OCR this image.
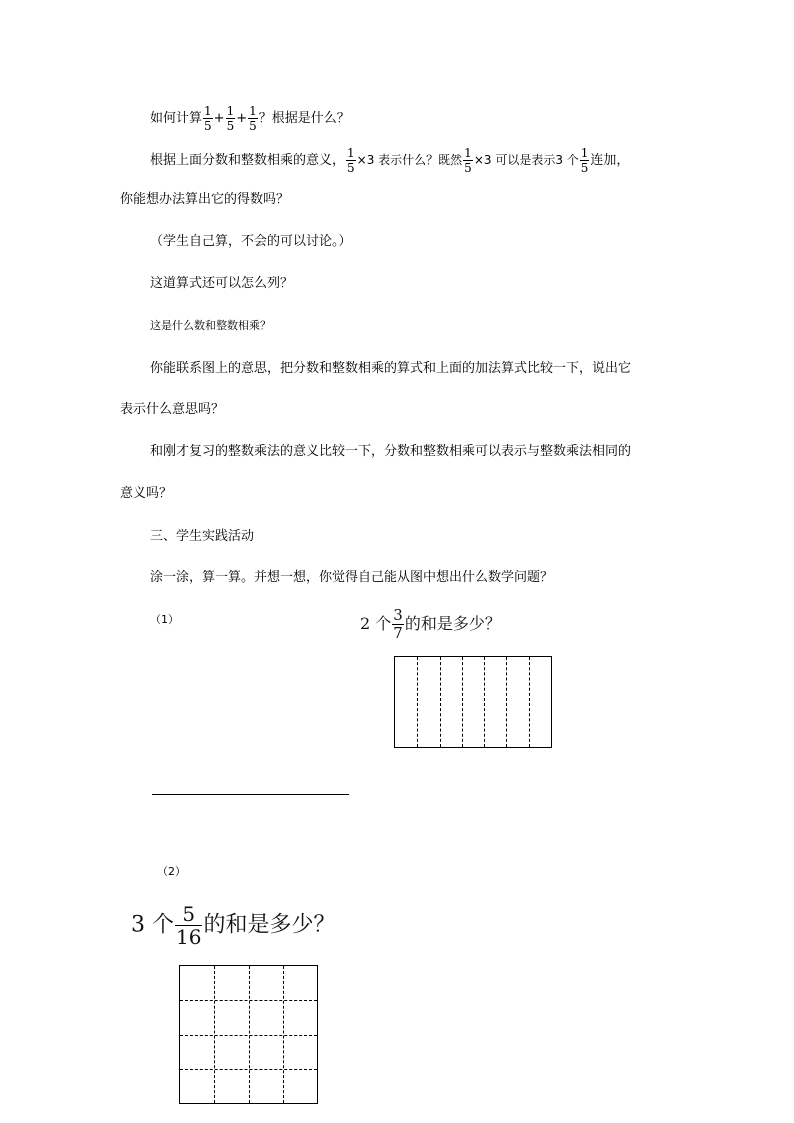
如何计算 $\frac{1}{5} + \frac{1}{5} + \frac{1}{5}$ ？根据是什么？
根据上面分数和整数相乘的意义， $\frac{1}{5} \times 3$ 表示什么？既然 $\frac{1}{5} \times 3$ 可以是表示3 个 $\frac{1}{5}$ 连加，
你能想办法算出它的得数吗？
（学生自己算，不会的可以讨论。）
这道算式还可以怎么列？
这是什么数和整数相乘？
你能联系图上的意思，把分数和整数相乘的算式和上面的加法算式比较一下，说出它
表示什么意思吗？
和刚才复习的整数乘法的意义比较一下，分数和整数相乘可以表示与整数乘法相同的
意义吗？
三、学生实践活动
涂一涂，算一算。并想一想，你觉得自己能从图中想出什么数学问题？
（1）	2 个 $\frac{3}{7}$ 的和是多少？
（2）
3 个 $\frac{5}{16}$ 的和是多少？
